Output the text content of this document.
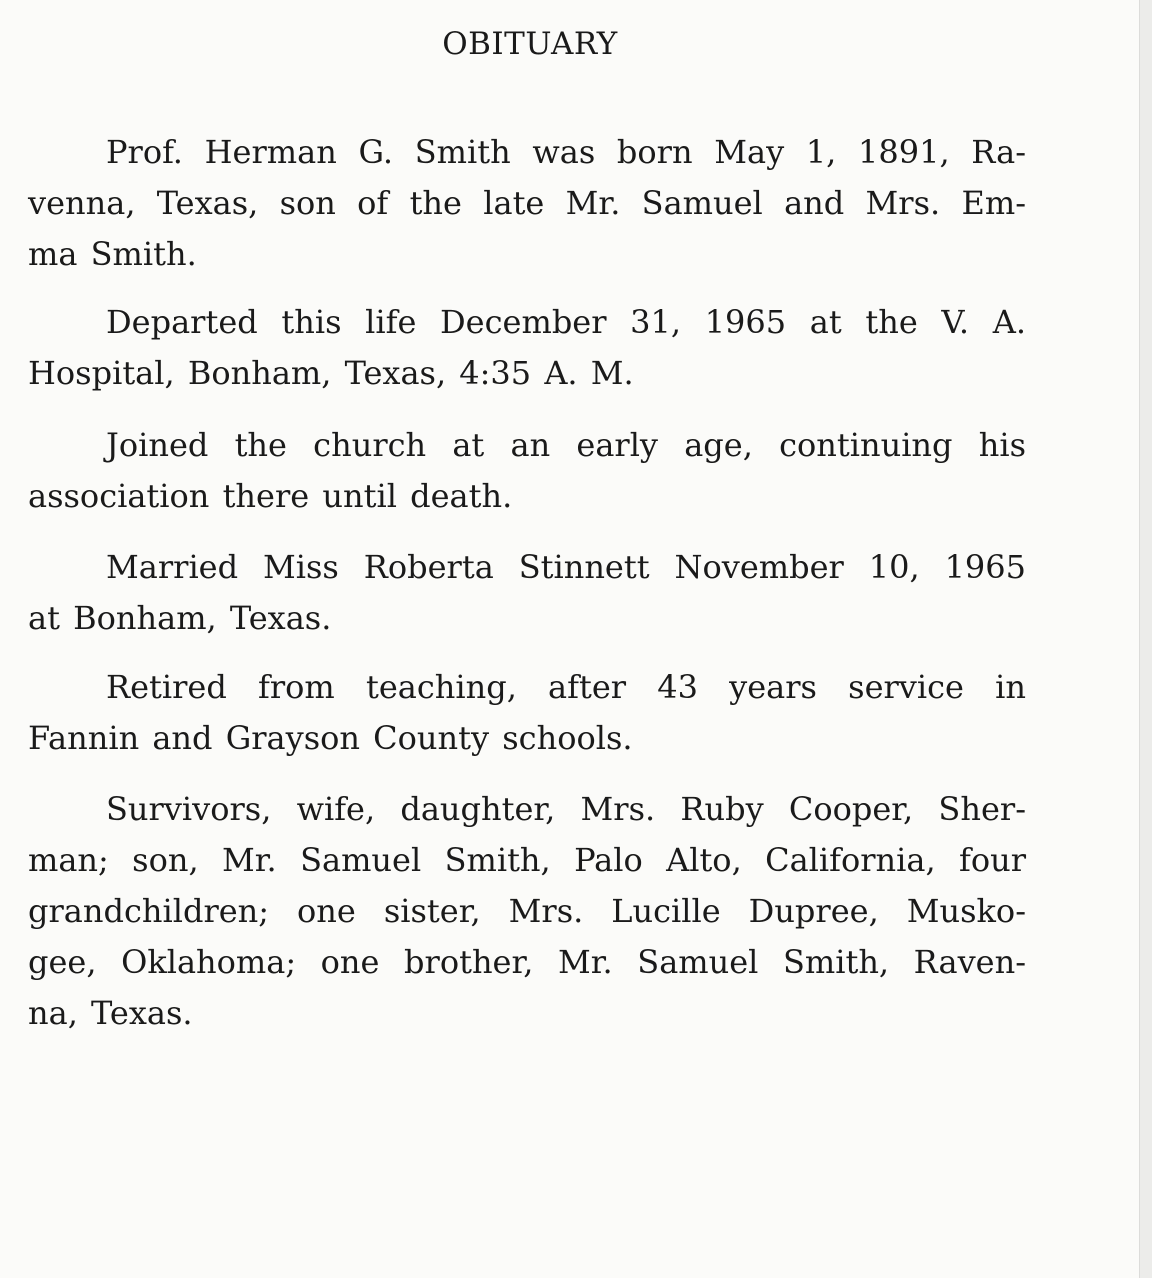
OBITUARY
Prof. Herman G. Smith was born May 1, 1891, Ra-
venna, Texas, son of the late Mr. Samuel and Mrs. Em-
ma Smith.
Departed this life December 31, 1965 at the V. A.
Hospital, Bonham, Texas, 4:35 A. M.
Joined the church at an early age, continuing his
association there until death.
Married Miss Roberta Stinnett November 10, 1965
at Bonham, Texas.
Retired from teaching, after 43 years service in
Fannin and Grayson County schools.
Survivors, wife, daughter, Mrs. Ruby Cooper, Sher-
man; son, Mr. Samuel Smith, Palo Alto, California, four
grandchildren; one sister, Mrs. Lucille Dupree, Musko-
gee, Oklahoma; one brother, Mr. Samuel Smith, Raven-
na, Texas.
